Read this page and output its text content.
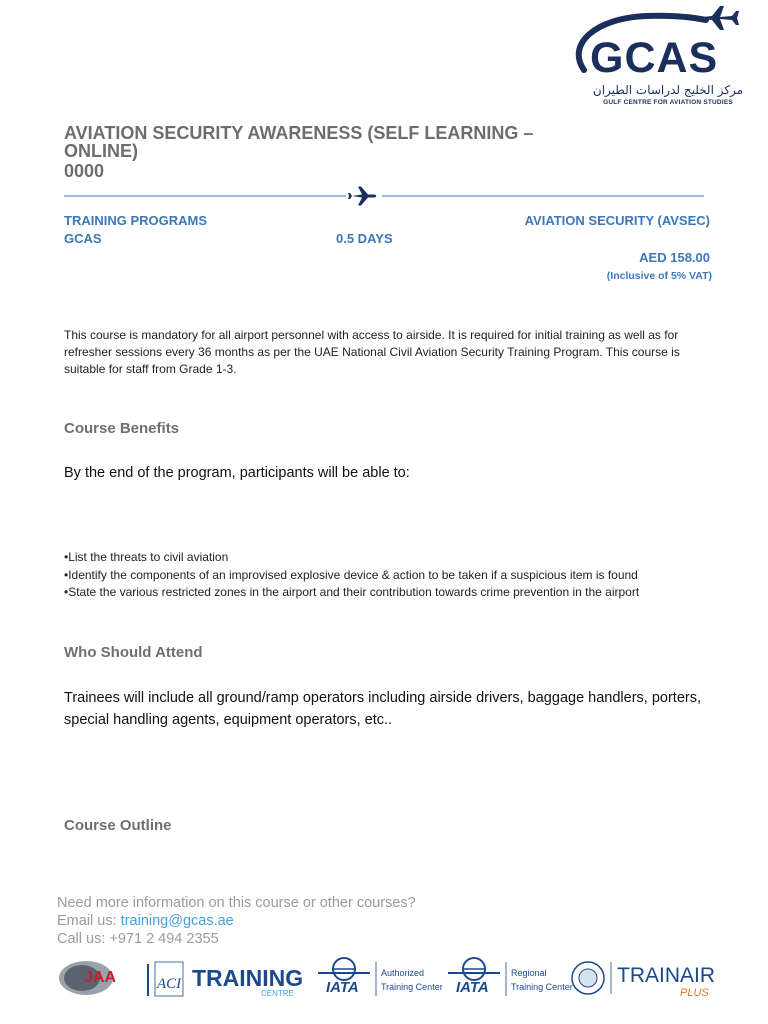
GCAS
مركز الخليج لدراسات الطيران
GULF CENTRE FOR AVIATION STUDIES
AVIATION SECURITY AWARENESS (SELF LEARNING – ONLINE)
0000
TRAINING PROGRAMS
GCAS	0.5 DAYS
AVIATION SECURITY (AVSEC)
AED 158.00
(Inclusive of 5% VAT)
This course is mandatory for all airport personnel with access to airside. It is required for initial training as well as for refresher sessions every 36 months as per the UAE National Civil Aviation Security Training Program. This course is suitable for staff from Grade 1-3.
Course Benefits
By the end of the program, participants will be able to:
• List the threats to civil aviation
• Identify the components of an improvised explosive device & action to be taken if a suspicious item is found
• State the various restricted zones in the airport and their contribution towards crime prevention in the airport
Who Should Attend
Trainees will include all ground/ramp operators including airside drivers, baggage handlers, porters, special handling agents, equipment operators, etc..
Course Outline
Need more information on this course or other courses?
Email us: training@gcas.ae
Call us: +971 2 494 2355
JAA	ACI TRAINING
CENTRE IATA
Authorized
Training Center IATA
Regional
Training Center TRAINAIR
PLUS
